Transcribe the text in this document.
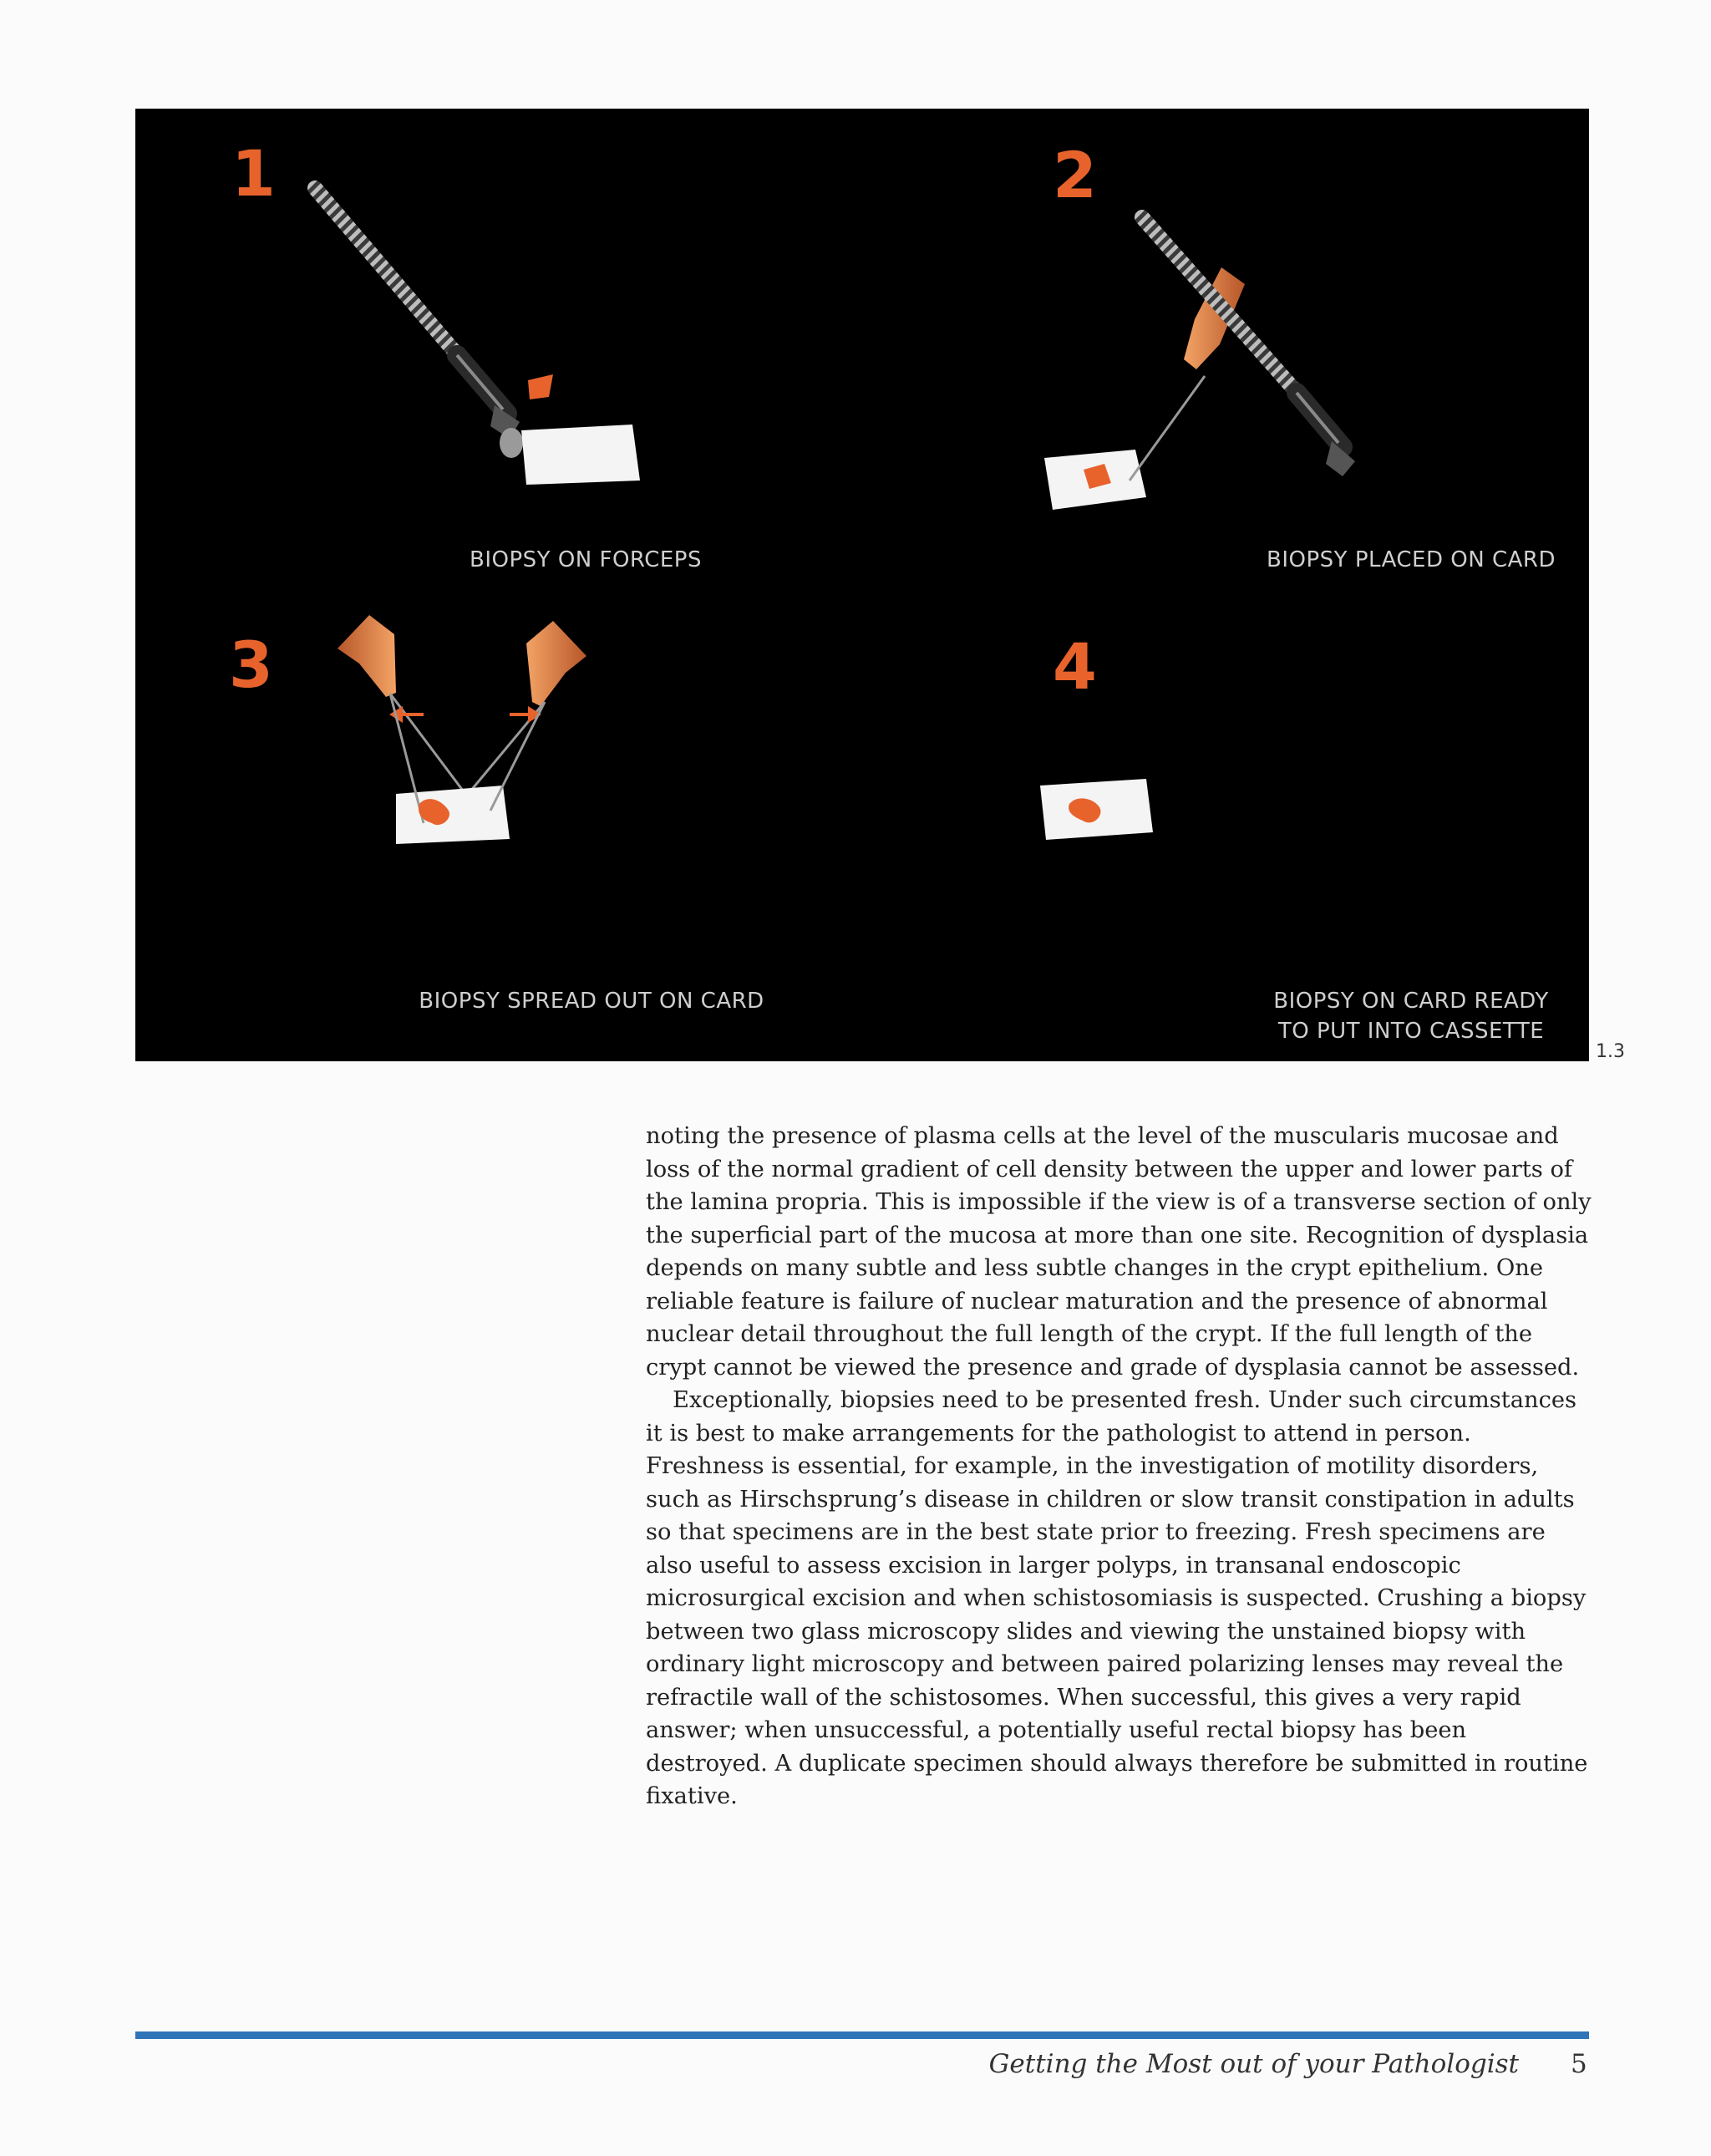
1
BIOPSY ON FORCEPS
2
BIOPSY PLACED ON CARD
3
BIOPSY SPREAD OUT ON CARD
4
BIOPSY ON CARD READY
TO PUT INTO CASSETTE
1.3

noting the presence of plasma cells at the level of the muscularis mucosae and loss of the normal gradient of cell density between the upper and lower parts of the lamina propria. This is impossible if the view is of a transverse section of only the superficial part of the mucosa at more than one site. Recognition of dysplasia depends on many subtle and less subtle changes in the crypt epithelium. One reliable feature is failure of nuclear maturation and the presence of abnormal nuclear detail throughout the full length of the crypt. If the full length of the crypt cannot be viewed the presence and grade of dysplasia cannot be assessed.

Exceptionally, biopsies need to be presented fresh. Under such circumstances it is best to make arrangements for the pathologist to attend in person. Freshness is essential, for example, in the investigation of motility disorders, such as Hirschsprung’s disease in children or slow transit constipation in adults so that specimens are in the best state prior to freezing. Fresh specimens are also useful to assess excision in larger polyps, in transanal endoscopic microsurgical excision and when schistosomiasis is suspected. Crushing a biopsy between two glass microscopy slides and viewing the unstained biopsy with ordinary light microscopy and between paired polarizing lenses may reveal the refractile wall of the schistosomes. When successful, this gives a very rapid answer; when unsuccessful, a potentially useful rectal biopsy has been destroyed. A duplicate specimen should always therefore be submitted in routine fixative.

Getting the Most out of your Pathologist 5
